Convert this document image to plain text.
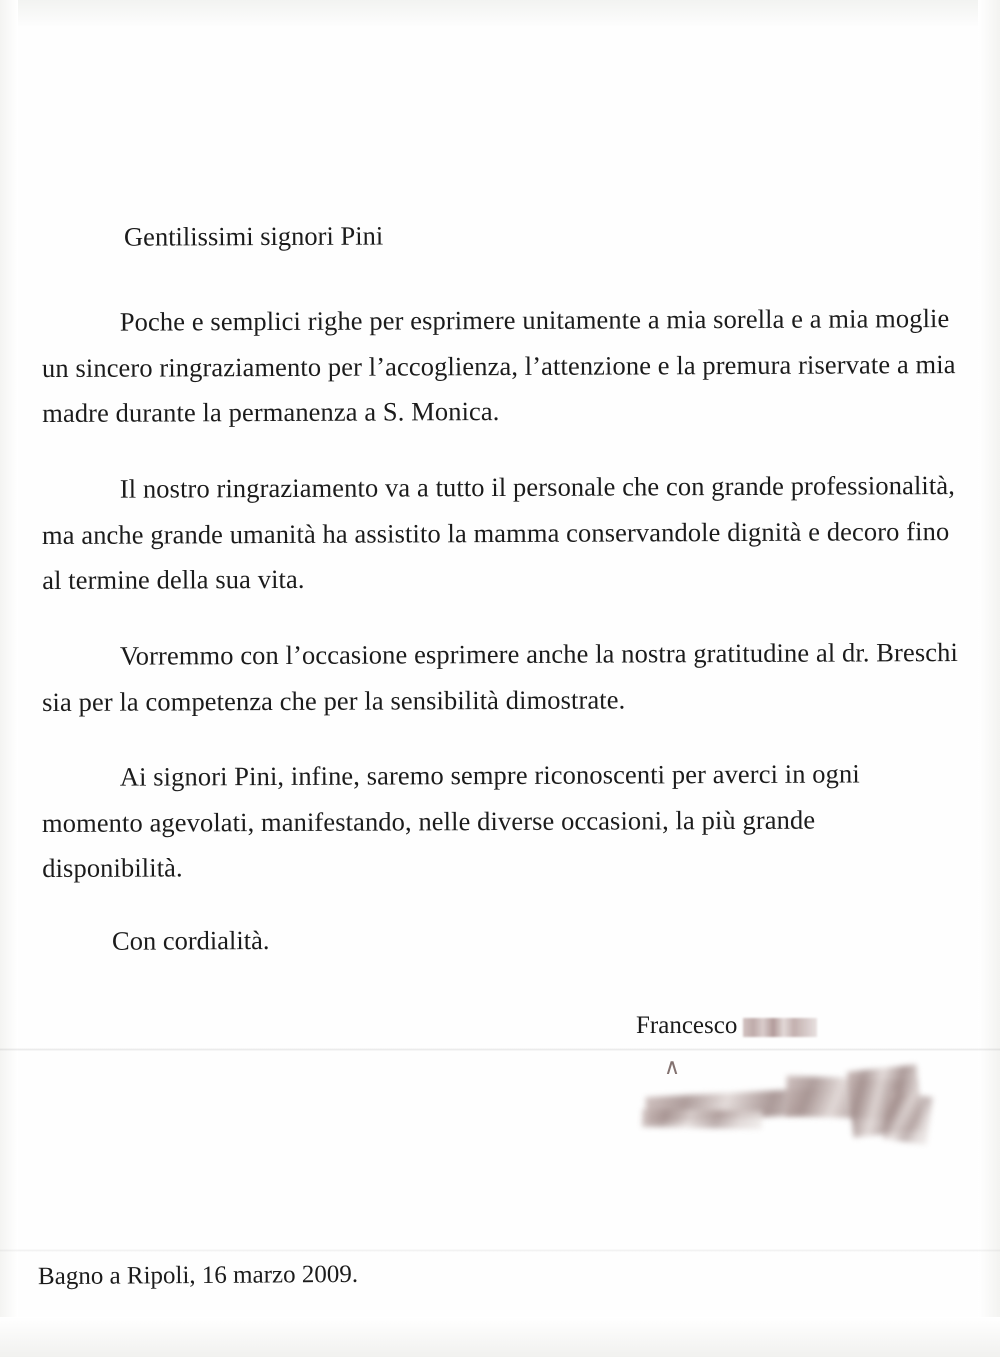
Gentilissimi signori Pini

Poche e semplici righe per esprimere unitamente a mia sorella e a mia moglie un sincero ringraziamento per l’accoglienza, l’attenzione e la premura riservate a mia madre durante la permanenza a S. Monica.

Il nostro ringraziamento va a tutto il personale che con grande professionalità, ma anche grande umanità ha assistito la mamma conservandole dignità e decoro fino al termine della sua vita.

Vorremmo con l’occasione esprimere anche la nostra gratitudine al dr. Breschi sia per la competenza che per la sensibilità dimostrate.

Ai signori Pini, infine, saremo sempre riconoscenti per averci in ogni momento agevolati, manifestando, nelle diverse occasioni, la più grande disponibilità.

Con cordialità.
Francesco
∧
Bagno a Ripoli, 16 marzo 2009.
